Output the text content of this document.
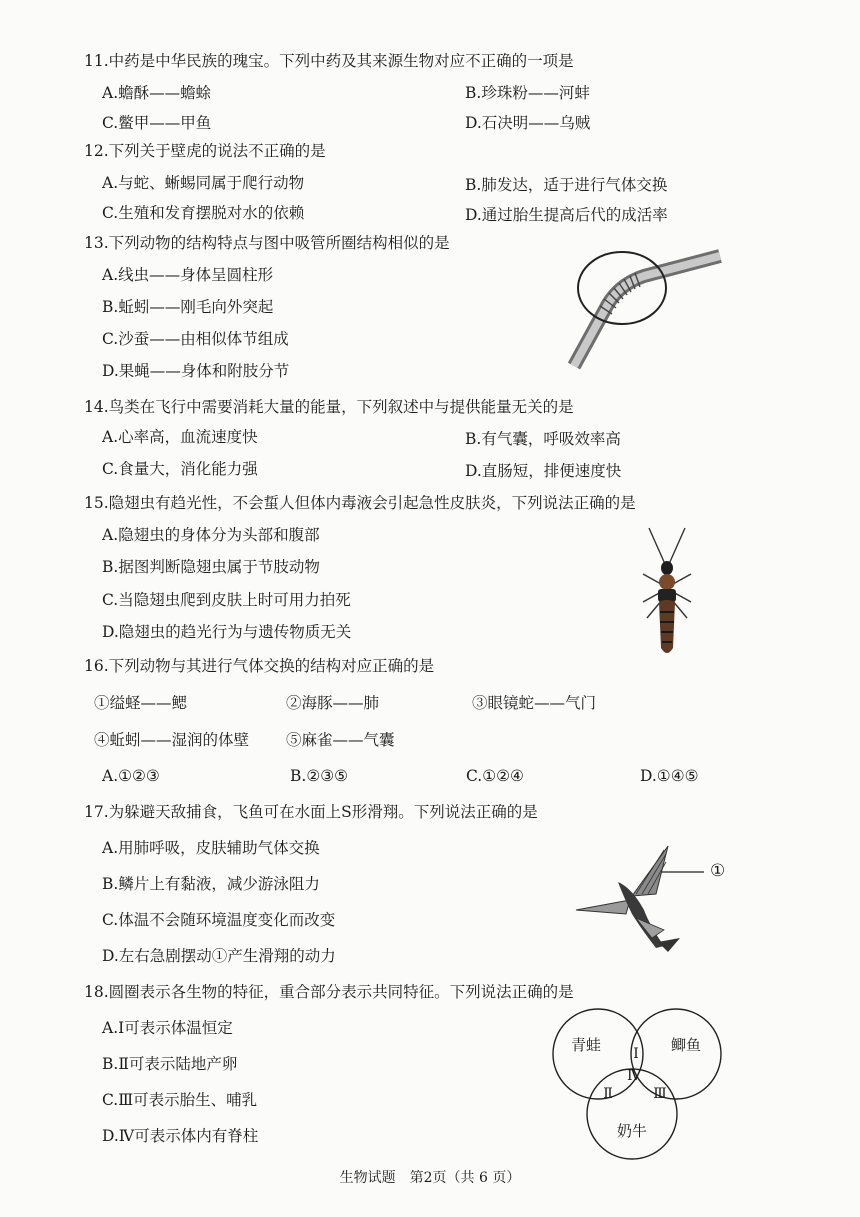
11.中药是中华民族的瑰宝。下列中药及其来源生物对应不正确的一项是
A.蟾酥——蟾蜍	B.珍珠粉——河蚌
C.鳖甲——甲鱼	D.石决明——乌贼
12.下列关于壁虎的说法不正确的是
A.与蛇、蜥蜴同属于爬行动物	B.肺发达，适于进行气体交换
C.生殖和发育摆脱对水的依赖	D.通过胎生提高后代的成活率
13.下列动物的结构特点与图中吸管所圈结构相似的是
A.线虫——身体呈圆柱形
B.蚯蚓——刚毛向外突起
C.沙蚕——由相似体节组成
D.果蝇——身体和附肢分节
14.鸟类在飞行中需要消耗大量的能量，下列叙述中与提供能量无关的是
A.心率高，血流速度快	B.有气囊，呼吸效率高
C.食量大，消化能力强	D.直肠短，排便速度快
15.隐翅虫有趋光性，不会蜇人但体内毒液会引起急性皮肤炎，下列说法正确的是
A.隐翅虫的身体分为头部和腹部
B.据图判断隐翅虫属于节肢动物
C.当隐翅虫爬到皮肤上时可用力拍死
D.隐翅虫的趋光行为与遗传物质无关
16.下列动物与其进行气体交换的结构对应正确的是
①缢蛏——鳃	②海豚——肺	③眼镜蛇——气门
④蚯蚓——湿润的体壁 ⑤麻雀——气囊
A.①②③	B.②③⑤	C.①②④	D.①④⑤
17.为躲避天敌捕食，飞鱼可在水面上S形滑翔。下列说法正确的是
A.用肺呼吸，皮肤辅助气体交换
B.鳞片上有黏液，减少游泳阻力
C.体温不会随环境温度变化而改变
D.左右急剧摆动①产生滑翔的动力
①
18.圆圈表示各生物的特征，重合部分表示共同特征。下列说法正确的是
A.Ⅰ可表示体温恒定
B.Ⅱ可表示陆地产卵
C.Ⅲ可表示胎生、哺乳
D.Ⅳ可表示体内有脊柱
青蛙	鲫鱼
奶牛
Ⅰ
Ⅱ	Ⅲ
Ⅳ
生物试题　第2页（共 6 页）
